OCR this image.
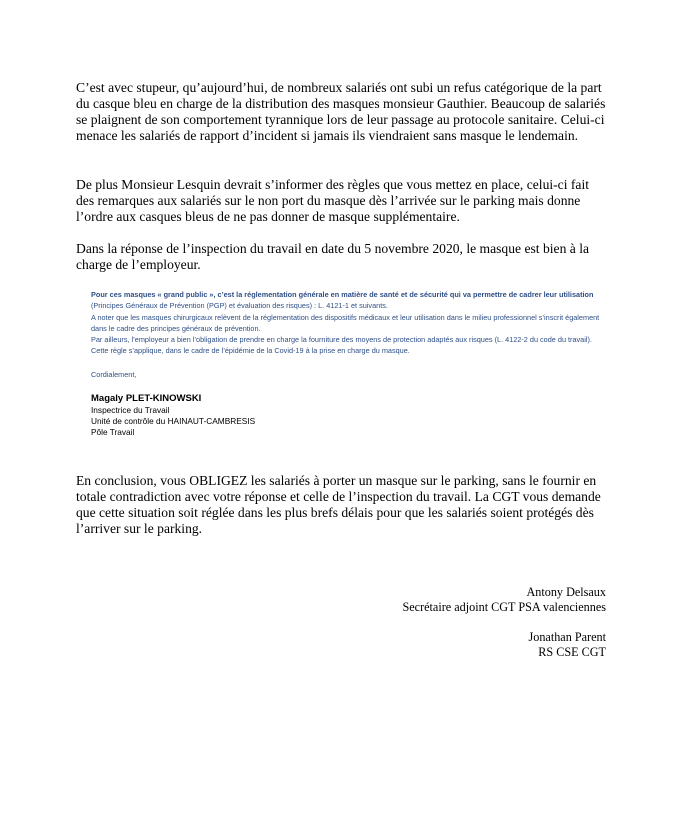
C’est avec stupeur, qu’aujourd’hui, de nombreux salariés ont subi un refus catégorique de la part du casque bleu en charge de la distribution des masques monsieur Gauthier. Beaucoup de salariés se plaignent de son comportement tyrannique lors de leur passage au protocole sanitaire. Celui-ci menace les salariés de rapport d’incident si jamais ils viendraient sans masque le lendemain.

De plus Monsieur Lesquin devrait s’informer des règles que vous mettez en place, celui-ci fait des remarques aux salariés sur le non port du masque dès l’arrivée sur le parking mais donne l’ordre aux casques bleus de ne pas donner de masque supplémentaire.

Dans la réponse de l’inspection du travail en date du 5 novembre 2020, le masque est bien à la charge de l’employeur.

Pour ces masques « grand public », c’est la réglementation générale en matière de santé et de sécurité qui va permettre de cadrer leur utilisation (Principes Généraux de Prévention (PGP) et évaluation des risques) : L. 4121-1 et suivants.
A noter que les masques chirurgicaux relèvent de la réglementation des dispositifs médicaux et leur utilisation dans le milieu professionnel s’inscrit également dans le cadre des principes généraux de prévention.
Par ailleurs, l’employeur a bien l’obligation de prendre en charge la fourniture des moyens de protection adaptés aux risques (L. 4122-2 du code du travail). Cette règle s’applique, dans le cadre de l’épidémie de la Covid-19 à la prise en charge du masque.
Cordialement,
Magaly PLET-KINOWSKI
Inspectrice du Travail
Unité de contrôle du HAINAUT-CAMBRESIS
Pôle Travail

En conclusion, vous OBLIGEZ les salariés à porter un masque sur le parking, sans le fournir en totale contradiction avec votre réponse et celle de l’inspection du travail. La CGT vous demande que cette situation soit réglée dans les plus brefs délais pour que les salariés soient protégés dès l’arriver sur le parking.

Antony Delsaux
Secrétaire adjoint CGT PSA valenciennes
Jonathan Parent
RS CSE CGT
